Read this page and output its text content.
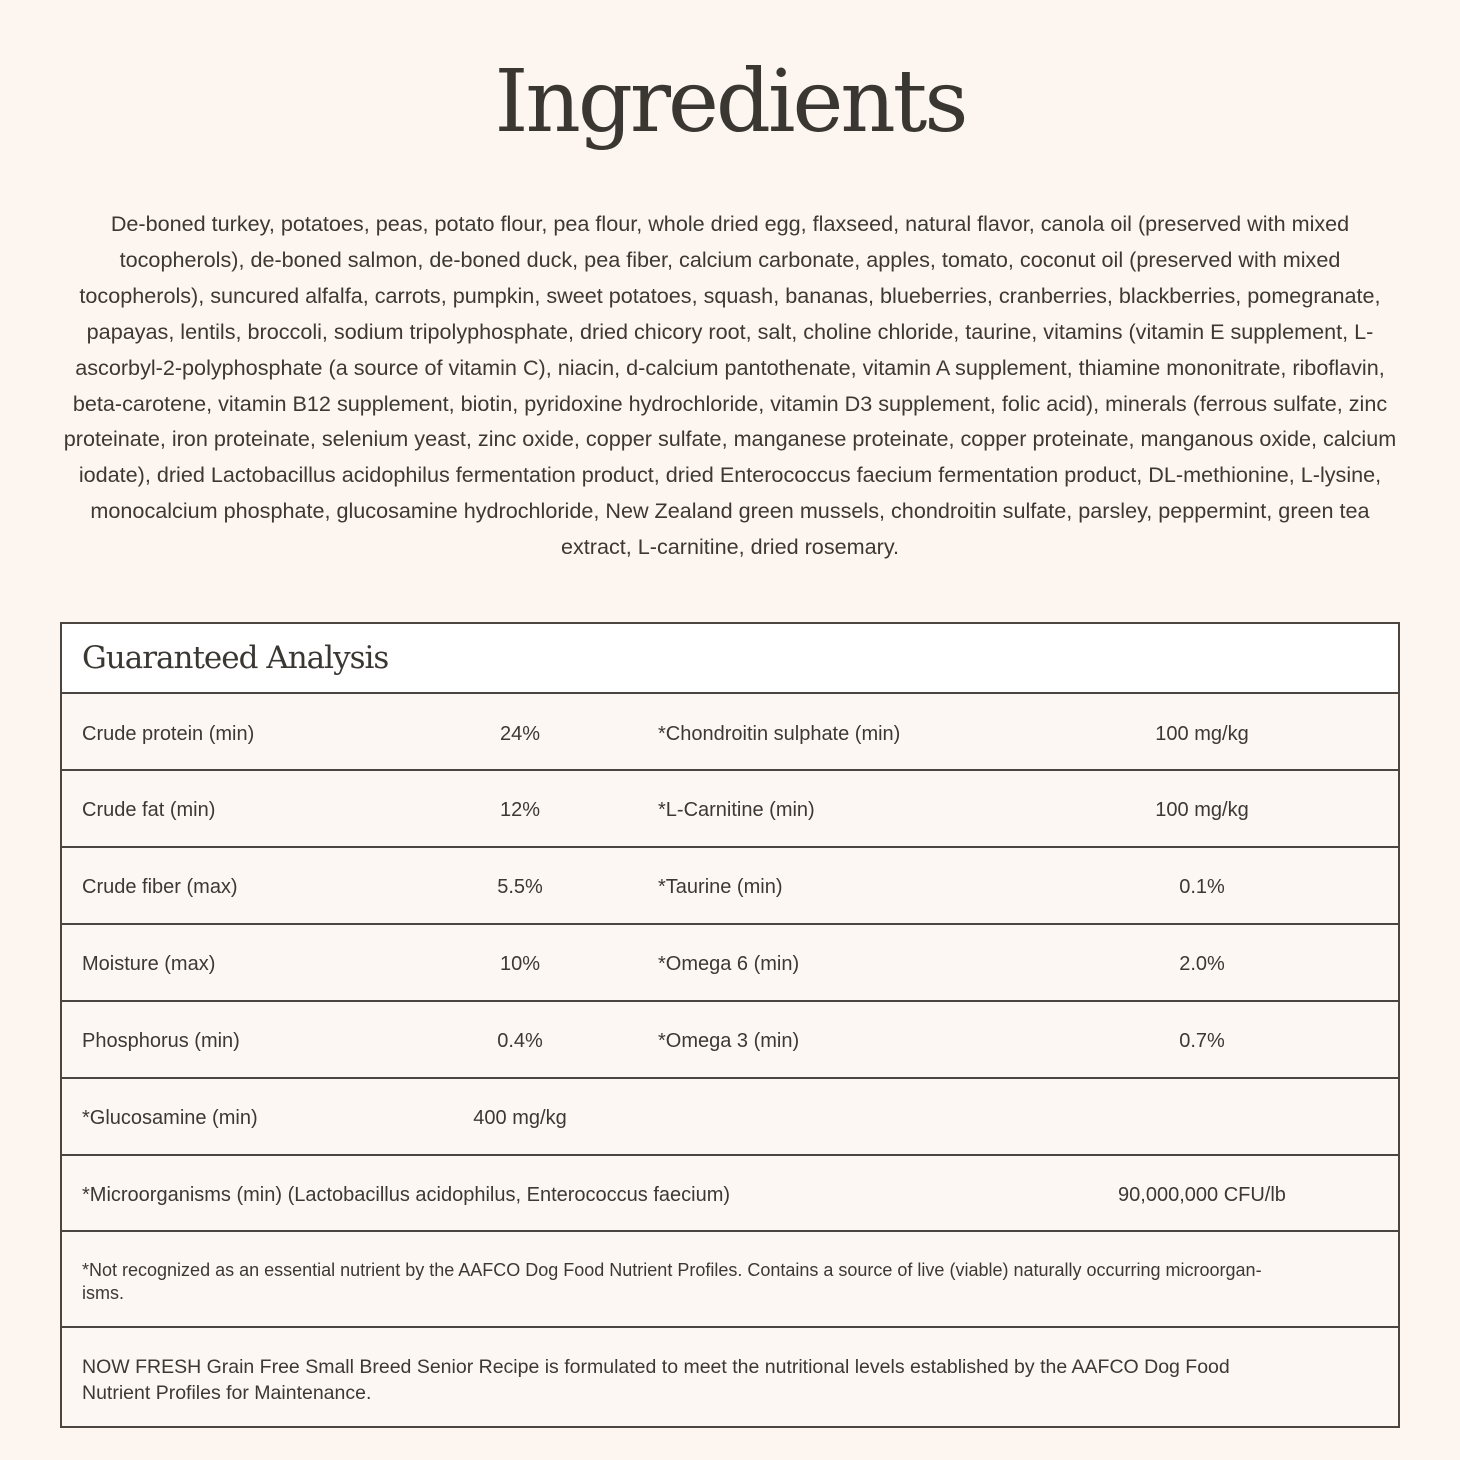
Ingredients

De-boned turkey, potatoes, peas, potato flour, pea flour, whole dried egg, flaxseed, natural flavor, canola oil (preserved with mixed tocopherols), de-boned salmon, de-boned duck, pea fiber, calcium carbonate, apples, tomato, coconut oil (preserved with mixed tocopherols), suncured alfalfa, carrots, pumpkin, sweet potatoes, squash, bananas, blueberries, cranberries, blackberries, pomegranate, papayas, lentils, broccoli, sodium tripolyphosphate, dried chicory root, salt, choline chloride, taurine, vitamins (vitamin E supplement, L-ascorbyl-2-polyphosphate (a source of vitamin C), niacin, d-calcium pantothenate, vitamin A supplement, thiamine mononitrate, riboflavin, beta-carotene, vitamin B12 supplement, biotin, pyridoxine hydrochloride, vitamin D3 supplement, folic acid), minerals (ferrous sulfate, zinc proteinate, iron proteinate, selenium yeast, zinc oxide, copper sulfate, manganese proteinate, copper proteinate, manganous oxide, calcium iodate), dried Lactobacillus acidophilus fermentation product, dried Enterococcus faecium fermentation product, DL-methionine, L-lysine, monocalcium phosphate, glucosamine hydrochloride, New Zealand green mussels, chondroitin sulfate, parsley, peppermint, green tea extract, L-carnitine, dried rosemary.

Guaranteed Analysis
Crude protein (min)	24%	*Chondroitin sulphate (min)	100 mg/kg
Crude fat (min)	12%	*L-Carnitine (min)	100 mg/kg
Crude fiber (max)	5.5%	*Taurine (min)	0.1%
Moisture (max)	10%	*Omega 6 (min)	2.0%
Phosphorus (min)	0.4%	*Omega 3 (min)	0.7%
*Glucosamine (min)	400 mg/kg
*Microorganisms (min) (Lactobacillus acidophilus, Enterococcus faecium)	90,000,000 CFU/lb
*Not recognized as an essential nutrient by the AAFCO Dog Food Nutrient Profiles. Contains a source of live (viable) naturally occurring microorgan-
isms.
NOW FRESH Grain Free Small Breed Senior Recipe is formulated to meet the nutritional levels established by the AAFCO Dog Food
Nutrient Profiles for Maintenance.
